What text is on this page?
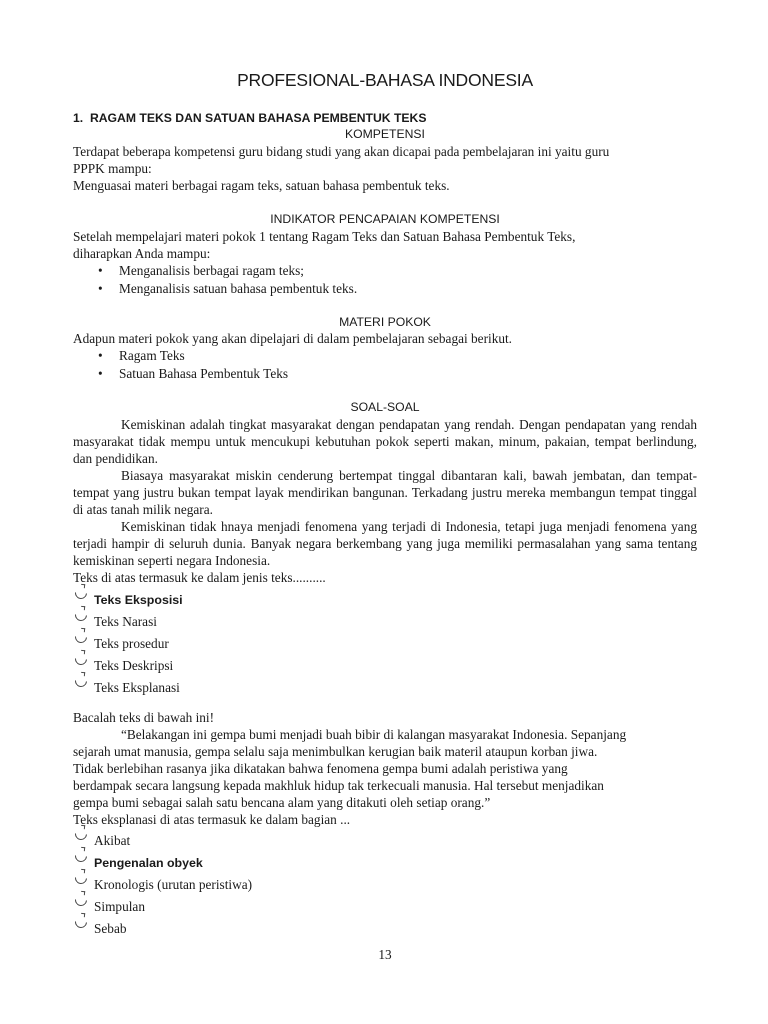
PROFESIONAL-BAHASA INDONESIA
1. RAGAM TEKS DAN SATUAN BAHASA PEMBENTUK TEKS
KOMPETENSI

Terdapat beberapa kompetensi guru bidang studi yang akan dicapai pada pembelajaran ini yaitu guru

PPPK mampu:

Menguasai materi berbagai ragam teks, satuan bahasa pembentuk teks.

INDIKATOR PENCAPAIAN KOMPETENSI

Setelah mempelajari materi pokok 1 tentang Ragam Teks dan Satuan Bahasa Pembentuk Teks,

diharapkan Anda mampu:

• Menganalisis berbagai ragam teks;
• Menganalisis satuan bahasa pembentuk teks.
MATERI POKOK

Adapun materi pokok yang akan dipelajari di dalam pembelajaran sebagai berikut.

• Ragam Teks
• Satuan Bahasa Pembentuk Teks
SOAL-SOAL

Kemiskinan adalah tingkat masyarakat dengan pendapatan yang rendah. Dengan pendapatan yang rendah masyarakat tidak mempu untuk mencukupi kebutuhan pokok seperti makan, minum, pakaian, tempat berlindung, dan pendidikan.

Biasaya masyarakat miskin cenderung bertempat tinggal dibantaran kali, bawah jembatan, dan tempat-tempat yang justru bukan tempat layak mendirikan bangunan. Terkadang justru mereka membangun tempat tinggal di atas tanah milik negara.

Kemiskinan tidak hnaya menjadi fenomena yang terjadi di Indonesia, tetapi juga menjadi fenomena yang terjadi hampir di seluruh dunia. Banyak negara berkembang yang juga memiliki permasalahan yang sama tentang kemiskinan seperti negara Indonesia.

Teks di atas termasuk ke dalam jenis teks..........

Teks Eksposisi
Teks Narasi
Teks prosedur
Teks Deskripsi
Teks Eksplanasi

Bacalah teks di bawah ini!

“Belakangan ini gempa bumi menjadi buah bibir di kalangan masyarakat Indonesia. Sepanjang

sejarah umat manusia, gempa selalu saja menimbulkan kerugian baik materil ataupun korban jiwa.

Tidak berlebihan rasanya jika dikatakan bahwa fenomena gempa bumi adalah peristiwa yang

berdampak secara langsung kepada makhluk hidup tak terkecuali manusia. Hal tersebut menjadikan

gempa bumi sebagai salah satu bencana alam yang ditakuti oleh setiap orang.”

Teks eksplanasi di atas termasuk ke dalam bagian ...

Akibat
Pengenalan obyek
Kronologis (urutan peristiwa)
Simpulan
Sebab
13
